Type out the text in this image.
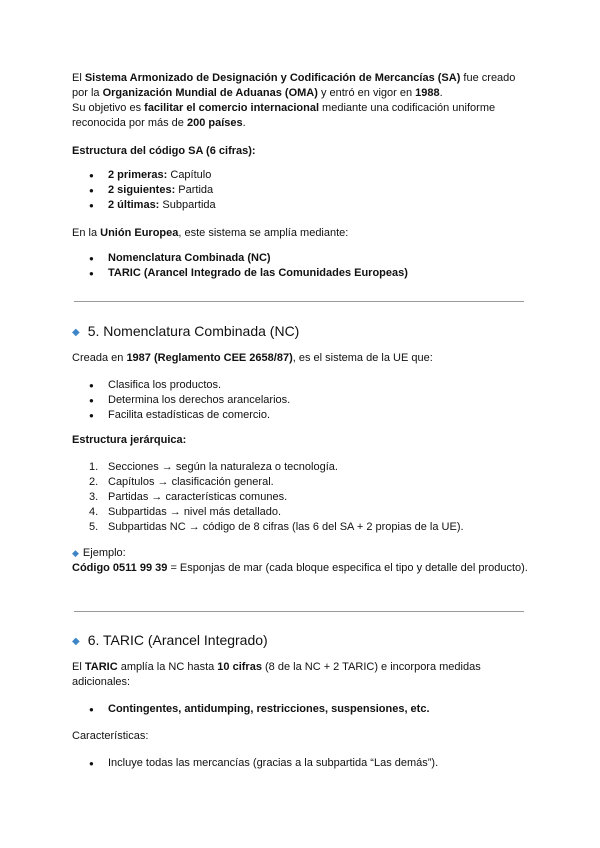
El Sistema Armonizado de Designación y Codificación de Mercancías (SA) fue creado por la Organización Mundial de Aduanas (OMA) y entró en vigor en 1988.

Su objetivo es facilitar el comercio internacional mediante una codificación uniforme reconocida por más de 200 países.

Estructura del código SA (6 cifras):

● 2 primeras: Capítulo
● 2 siguientes: Partida
● 2 últimas: Subpartida

En la Unión Europea, este sistema se amplía mediante:

● Nomenclatura Combinada (NC)
● TARIC (Arancel Integrado de las Comunidades Europeas)
◆ 5. Nomenclatura Combinada (NC)

Creada en 1987 (Reglamento CEE 2658/87), es el sistema de la UE que:

● Clasifica los productos.
● Determina los derechos arancelarios.
● Facilita estadísticas de comercio.

Estructura jerárquica:

1. Secciones → según la naturaleza o tecnología.
2. Capítulos → clasificación general.
3. Partidas → características comunes.
4. Subpartidas → nivel más detallado.
5. Subpartidas NC → código de 8 cifras (las 6 del SA + 2 propias de la UE).

◆ Ejemplo:

Código 0511 99 39 = Esponjas de mar (cada bloque especifica el tipo y detalle del producto).

◆ 6. TARIC (Arancel Integrado)

El TARIC amplía la NC hasta 10 cifras (8 de la NC + 2 TARIC) e incorpora medidas adicionales:

● Contingentes, antidumping, restricciones, suspensiones, etc.

Características:

● Incluye todas las mercancías (gracias a la subpartida “Las demás”).
